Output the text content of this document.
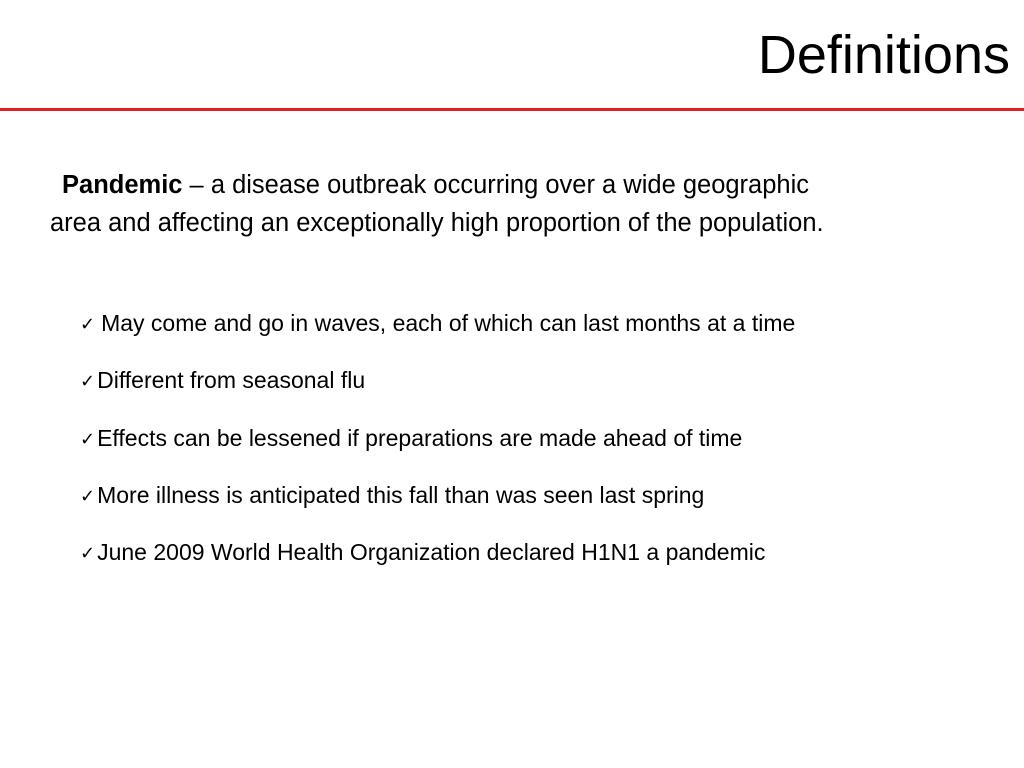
Definitions
Pandemic – a disease outbreak occurring over a wide geographic area and affecting an exceptionally high proportion of the population.
✓ May come and go in waves, each of which can last months at a time
✓Different from seasonal flu
✓Effects can be lessened if preparations are made ahead of time
✓More illness is anticipated this fall than was seen last spring
✓June 2009 World Health Organization declared H1N1 a pandemic
